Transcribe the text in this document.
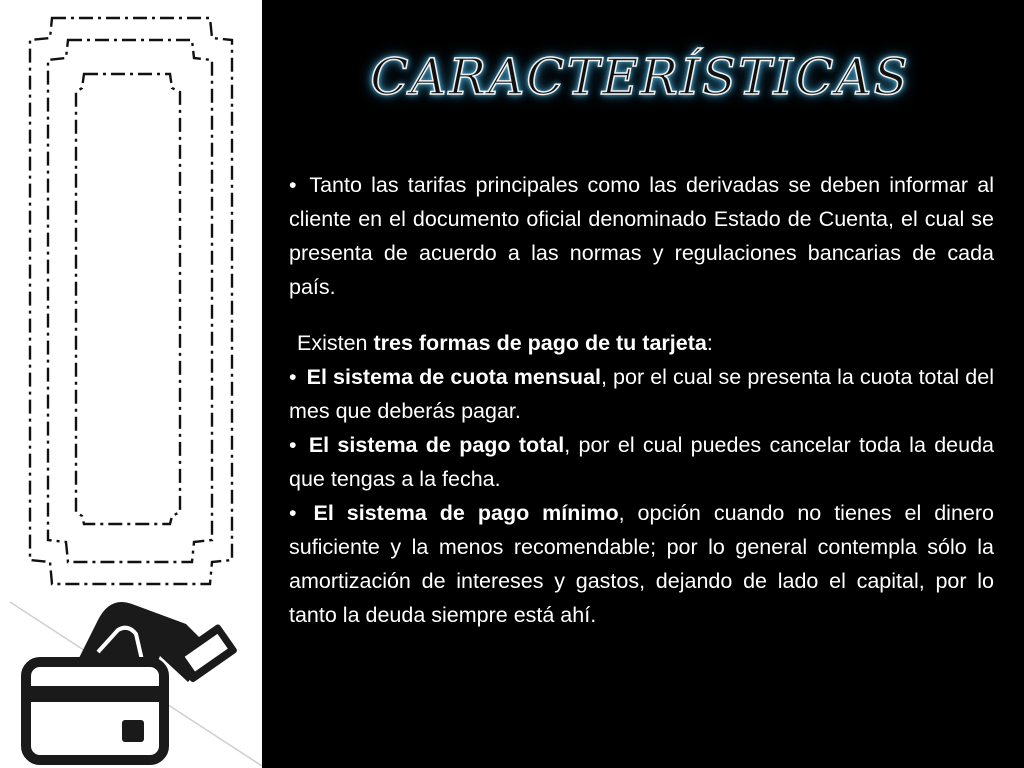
CARACTERÍSTICAS

• Tanto las tarifas principales como las derivadas se deben informar al cliente en el documento oficial denominado Estado de Cuenta, el cual se presenta de acuerdo a las normas y regulaciones bancarias de cada país.

Existen tres formas de pago de tu tarjeta:

• El sistema de cuota mensual, por el cual se presenta la cuota total del mes que deberás pagar.

• El sistema de pago total, por el cual puedes cancelar toda la deuda que tengas a la fecha.

• El sistema de pago mínimo, opción cuando no tienes el dinero suficiente y la menos recomendable; por lo general contempla sólo la amortización de intereses y gastos, dejando de lado el capital, por lo tanto la deuda siempre está ahí.
